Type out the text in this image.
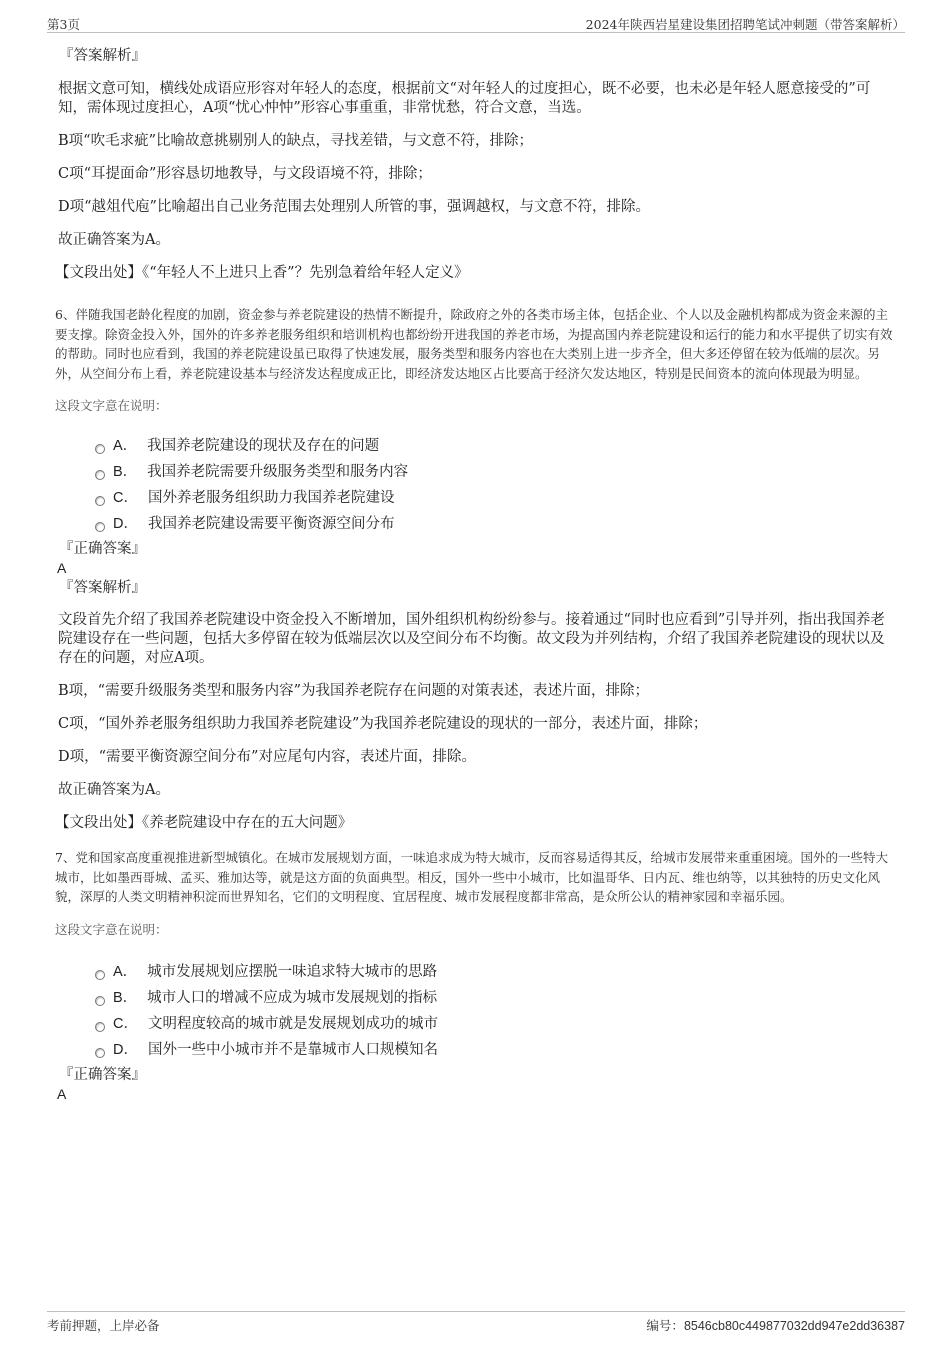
第3页	2024年陕西岩星建设集团招聘笔试冲刺题（带答案解析）
『答案解析』

根据文意可知，横线处成语应形容对年轻人的态度，根据前文“对年轻人的过度担心，既不必要，也未必是年轻人愿意接受的”可知，需体现过度担心，A项“忧心忡忡”形容心事重重，非常忧愁，符合文意，当选。

B项“吹毛求疵”比喻故意挑剔别人的缺点，寻找差错，与文意不符，排除；

C项“耳提面命”形容恳切地教导，与文段语境不符，排除；

D项“越俎代庖”比喻超出自己业务范围去处理别人所管的事，强调越权，与文意不符，排除。

故正确答案为A。

【文段出处】《“年轻人不上进只上香”？先别急着给年轻人定义》

6、伴随我国老龄化程度的加剧，资金参与养老院建设的热情不断提升，除政府之外的各类市场主体，包括企业、个人以及金融机构都成为资金来源的主要支撑。除资金投入外，国外的许多养老服务组织和培训机构也都纷纷开进我国的养老市场，为提高国内养老院建设和运行的能力和水平提供了切实有效的帮助。同时也应看到，我国的养老院建设虽已取得了快速发展，服务类型和服务内容也在大类别上进一步齐全，但大多还停留在较为低端的层次。另外，从空间分布上看，养老院建设基本与经济发达程度成正比，即经济发达地区占比要高于经济欠发达地区，特别是民间资本的流向体现最为明显。

这段文字意在说明：

A． 我国养老院建设的现状及存在的问题
B． 我国养老院需要升级服务类型和服务内容
C． 国外养老服务组织助力我国养老院建设
D． 我国养老院建设需要平衡资源空间分布
『正确答案』
A
『答案解析』

文段首先介绍了我国养老院建设中资金投入不断增加，国外组织机构纷纷参与。接着通过“同时也应看到”引导并列，指出我国养老院建设存在一些问题，包括大多停留在较为低端层次以及空间分布不均衡。故文段为并列结构，介绍了我国养老院建设的现状以及存在的问题，对应A项。

B项，“需要升级服务类型和服务内容”为我国养老院存在问题的对策表述，表述片面，排除；

C项，“国外养老服务组织助力我国养老院建设”为我国养老院建设的现状的一部分，表述片面，排除；

D项，“需要平衡资源空间分布”对应尾句内容，表述片面，排除。

故正确答案为A。

【文段出处】《养老院建设中存在的五大问题》

7、党和国家高度重视推进新型城镇化。在城市发展规划方面，一味追求成为特大城市，反而容易适得其反，给城市发展带来重重困境。国外的一些特大城市，比如墨西哥城、孟买、雅加达等，就是这方面的负面典型。相反，国外一些中小城市，比如温哥华、日内瓦、维也纳等，以其独特的历史文化风貌，深厚的人类文明精神积淀而世界知名，它们的文明程度、宜居程度、城市发展程度都非常高，是众所公认的精神家园和幸福乐园。

这段文字意在说明：

A． 城市发展规划应摆脱一味追求特大城市的思路
B． 城市人口的增减不应成为城市发展规划的指标
C． 文明程度较高的城市就是发展规划成功的城市
D． 国外一些中小城市并不是靠城市人口规模知名
『正确答案』
A
考前押题，上岸必备	编号：8546cb80c449877032dd947e2dd36387
